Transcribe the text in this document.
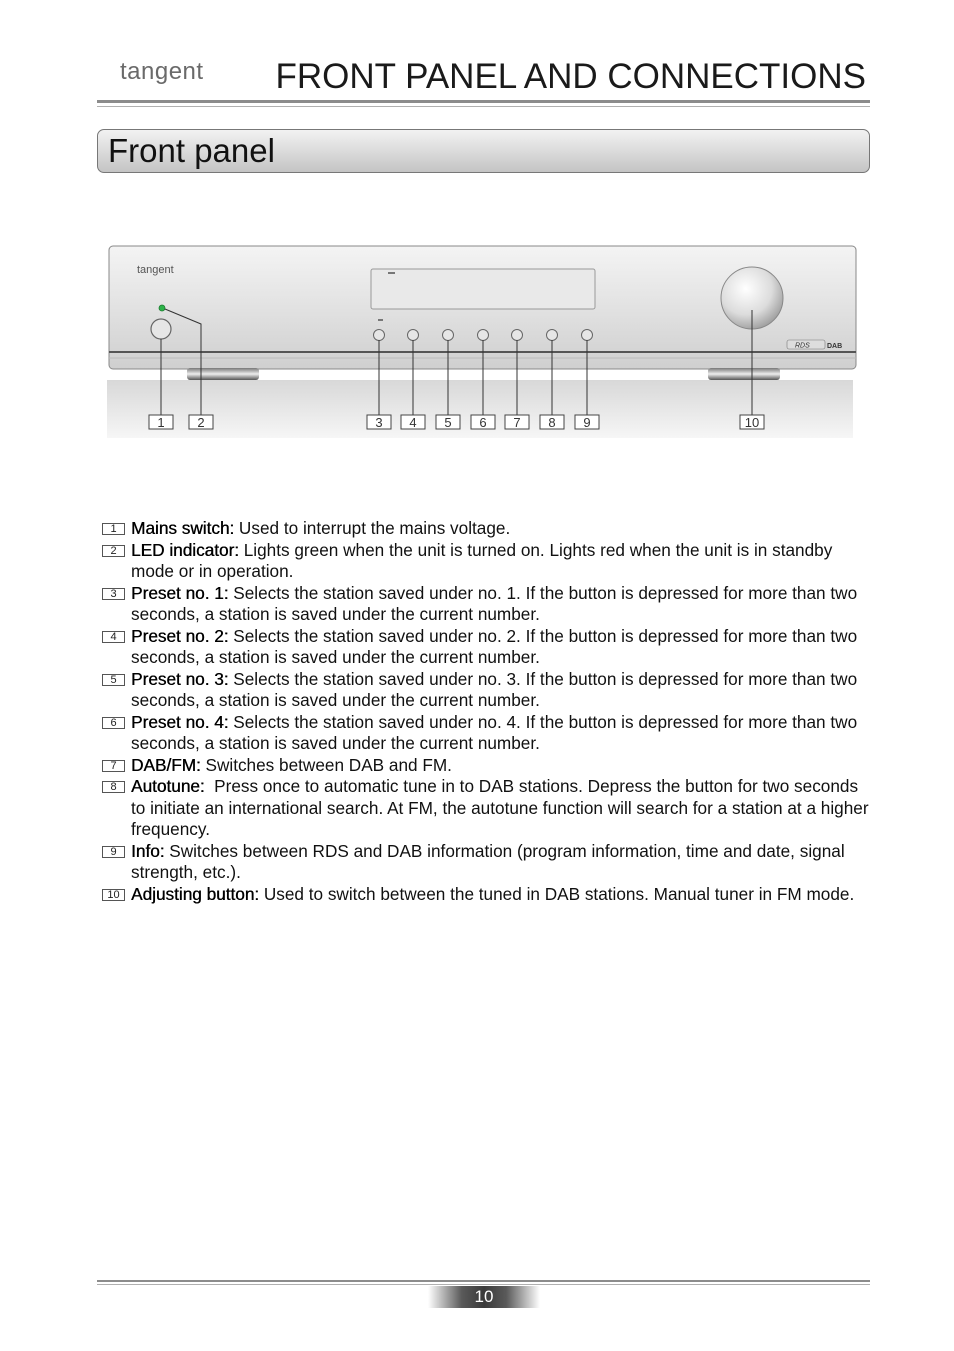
tangent FRONT PANEL AND CONNECTIONS
Front panel
tangent
RDS DAB
1	2	3 4 5 6 7 8 9	10
1 Mains switch: Used to interrupt the mains voltage.
2 LED indicator: Lights green when the unit is turned on. Lights red when the unit is in standby mode or in operation.
3 Preset no. 1: Selects the station saved under no. 1. If the button is depressed for more than two seconds, a station is saved under the current number.
4 Preset no. 2: Selects the station saved under no. 2. If the button is depressed for more than two seconds, a station is saved under the current number.
5 Preset no. 3: Selects the station saved under no. 3. If the button is depressed for more than two seconds, a station is saved under the current number.
6 Preset no. 4: Selects the station saved under no. 4. If the button is depressed for more than two seconds, a station is saved under the current number.
7 DAB/FM: Switches between DAB and FM.
8 Autotune:  Press once to automatic tune in to DAB stations. Depress the button for two seconds to initiate an international search. At FM, the autotune function will search for a station at a higher frequency.
9 Info: Switches between RDS and DAB information (program information, time and date, signal strength, etc.).
10 Adjusting button: Used to switch between the tuned in DAB stations. Manual tuner in FM mode.
10
